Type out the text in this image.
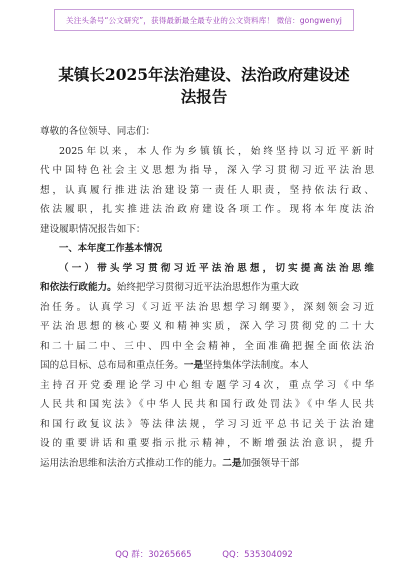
关注头条号“公文研究”，获得最新最全最专业的公文资料库！ 微信：gongwenyj
某镇长2025年法治建设、法治政府建设述
法报告
尊敬的各位领导、同志们：
2025年以来，本人作为乡镇镇长，始终坚持以习近平新时
代中国特色社会主义思想为指导，深入学习贯彻习近平法治思
想，认真履行推进法治建设第一责任人职责，坚持依法行政、
依法履职，扎实推进法治政府建设各项工作。现将本年度法治
建设履职情况报告如下：
一、本年度工作基本情况
（一）带头学习贯彻习近平法治思想，切实提高法治思维
和依法行政能力。始终把学习贯彻习近平法治思想作为重大政
治任务。认真学习《习近平法治思想学习纲要》，深刻领会习近
平法治思想的核心要义和精神实质，深入学习贯彻党的二十大
和二十届二中、三中、四中全会精神，全面准确把握全面依法治
国的总目标、总布局和重点任务。一是坚持集体学法制度。本人
主持召开党委理论学习中心组专题学习4次，重点学习《中华
人民共和国宪法》《中华人民共和国行政处罚法》《中华人民共
和国行政复议法》等法律法规，学习习近平总书记关于法治建
设的重要讲话和重要指示批示精神，不断增强法治意识，提升
运用法治思维和法治方式推动工作的能力。二是加强领导干部
QQ 群：30265665	QQ：535304092
